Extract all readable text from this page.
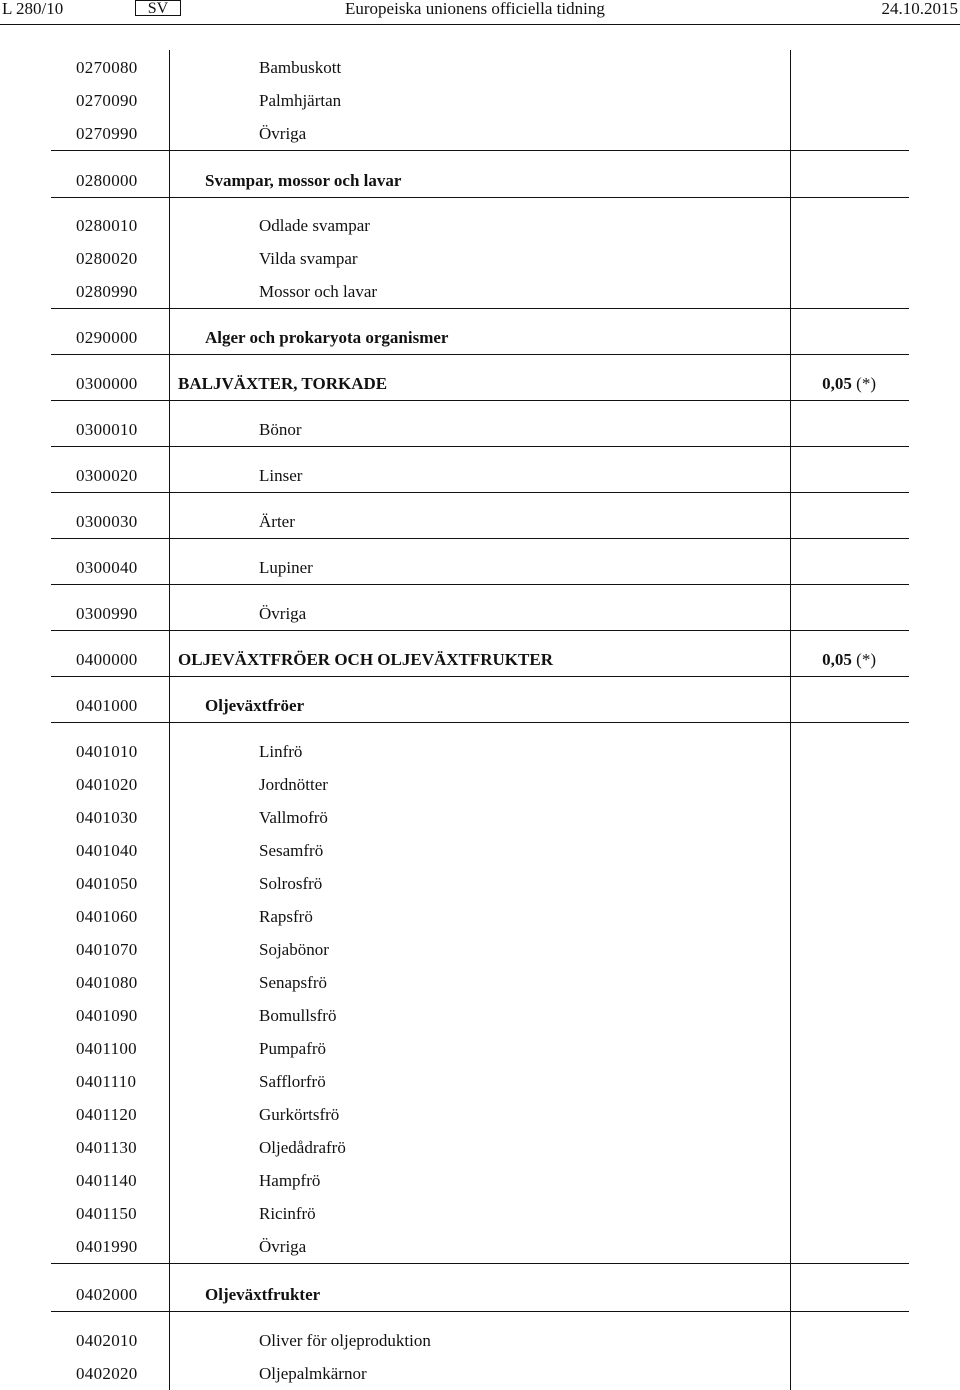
L 280/10	SV	Europeiska unionens officiella tidning	24.10.2015
0270080	Bambuskott
0270090	Palmhjärtan
0270990	Övriga
0280000	Svampar, mossor och lavar
0280010	Odlade svampar
0280020	Vilda svampar
0280990	Mossor och lavar
0290000	Alger och prokaryota organismer
0300000 BALJVÄXTER, TORKADE	0,05 (*)
0300010	Bönor
0300020	Linser
0300030	Ärter
0300040	Lupiner
0300990	Övriga
0400000 OLJEVÄXTFRÖER OCH OLJEVÄXTFRUKTER	0,05 (*)
0401000	Oljeväxtfröer
0401010	Linfrö
0401020	Jordnötter
0401030	Vallmofrö
0401040	Sesamfrö
0401050	Solrosfrö
0401060	Rapsfrö
0401070	Sojabönor
0401080	Senapsfrö
0401090	Bomullsfrö
0401100	Pumpafrö
0401110	Safflorfrö
0401120	Gurkörtsfrö
0401130	Oljedådrafrö
0401140	Hampfrö
0401150	Ricinfrö
0401990	Övriga
0402000	Oljeväxtfrukter
0402010	Oliver för oljeproduktion
0402020	Oljepalmkärnor
